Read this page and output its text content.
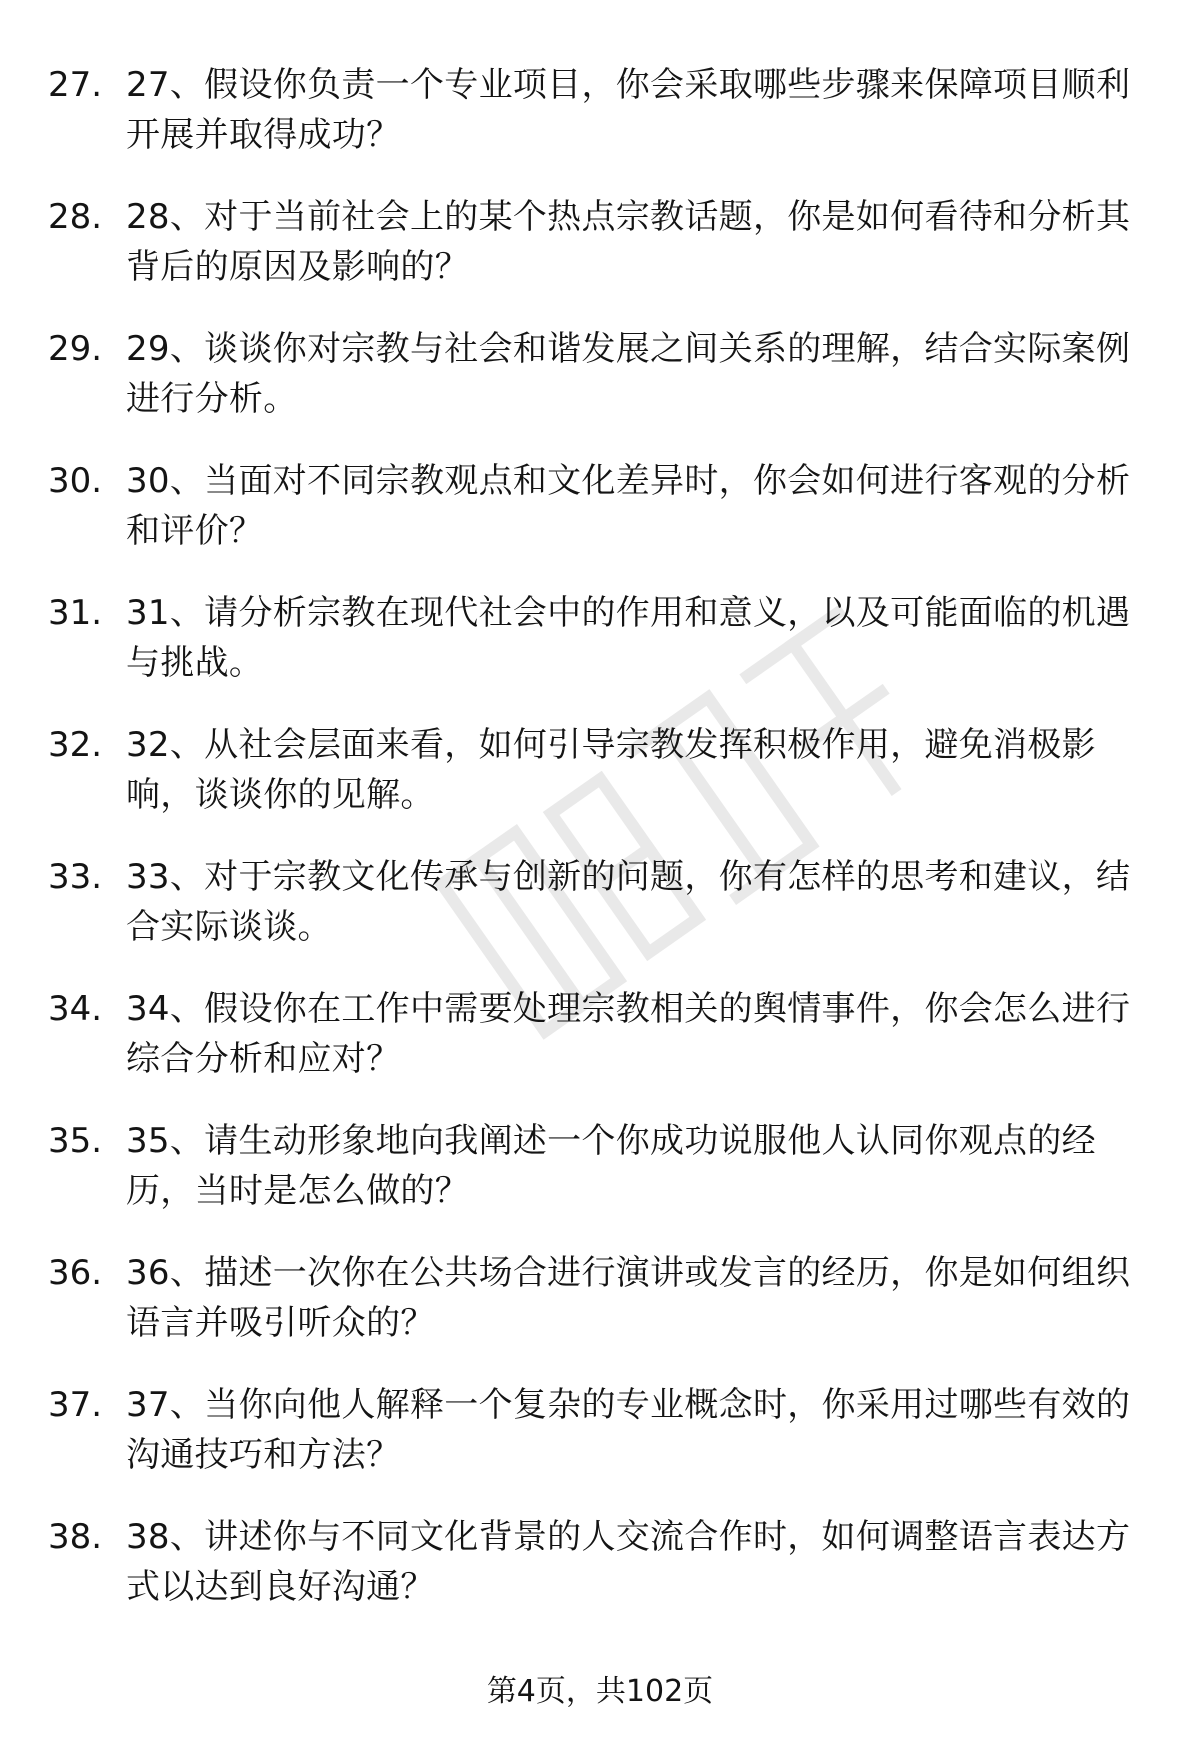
27. 27、假设你负责一个专业项目，你会采取哪些步骤来保障项目顺利开展并取得成功？
28. 28、对于当前社会上的某个热点宗教话题，你是如何看待和分析其背后的原因及影响的？
29. 29、谈谈你对宗教与社会和谐发展之间关系的理解，结合实际案例进行分析。
30. 30、当面对不同宗教观点和文化差异时，你会如何进行客观的分析和评价？
31. 31、请分析宗教在现代社会中的作用和意义，以及可能面临的机遇与挑战。
32. 32、从社会层面来看，如何引导宗教发挥积极作用，避免消极影响，谈谈你的见解。
33. 33、对于宗教文化传承与创新的问题，你有怎样的思考和建议，结合实际谈谈。
34. 34、假设你在工作中需要处理宗教相关的舆情事件，你会怎么进行综合分析和应对？
35. 35、请生动形象地向我阐述一个你成功说服他人认同你观点的经历，当时是怎么做的？
36. 36、描述一次你在公共场合进行演讲或发言的经历，你是如何组织语言并吸引听众的？
37. 37、当你向他人解释一个复杂的专业概念时，你采用过哪些有效的沟通技巧和方法？
38. 38、讲述你与不同文化背景的人交流合作时，如何调整语言表达方式以达到良好沟通？
第4页，共102页
